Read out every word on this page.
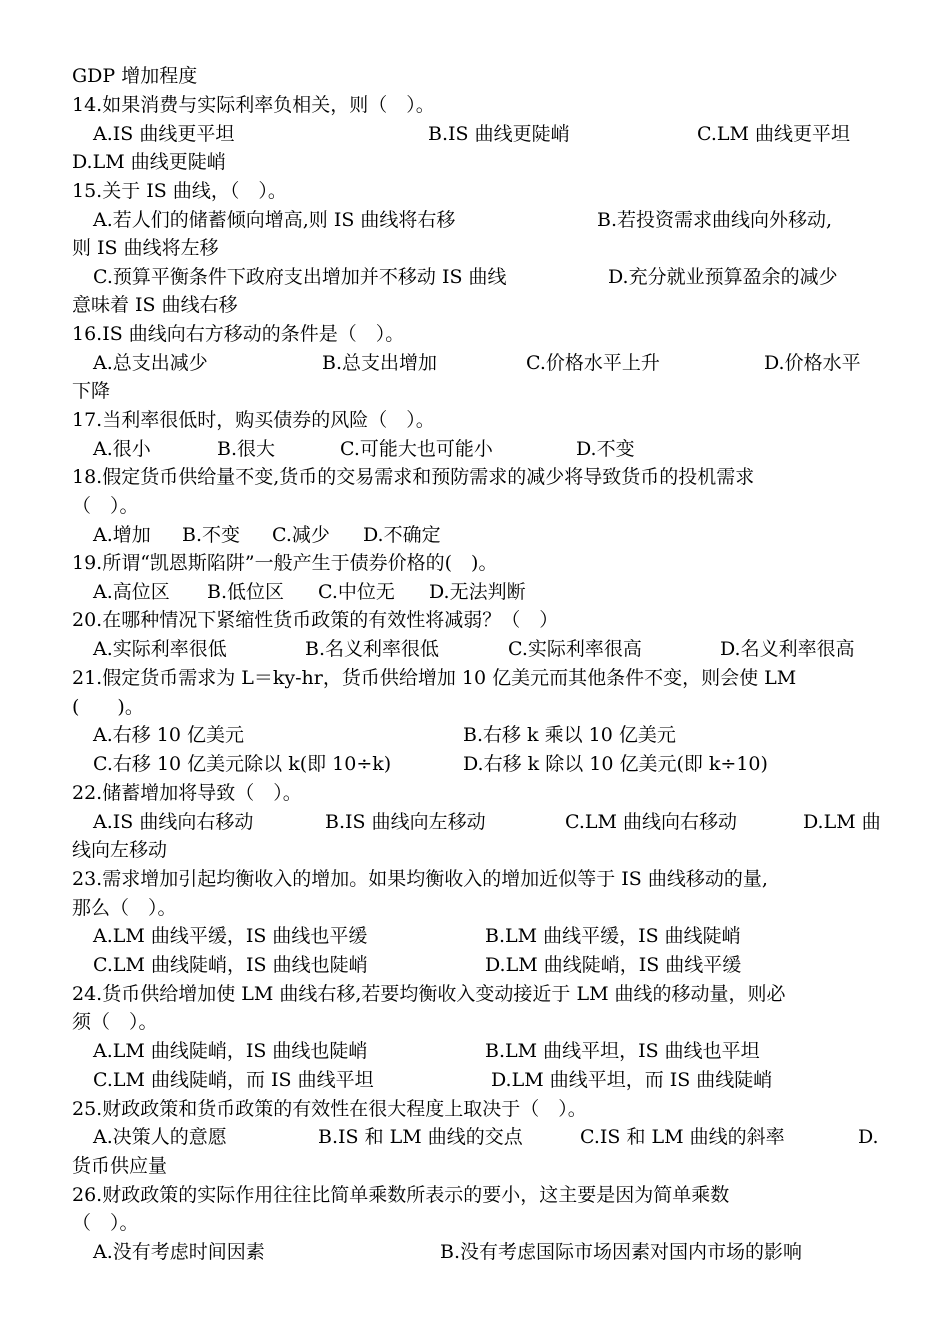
GDP 增加程度
14.如果消费与实际利率负相关，则（　）。
A.IS 曲线更平坦	B.IS 曲线更陡峭	C.LM 曲线更平坦
D.LM 曲线更陡峭
15.关于 IS 曲线，（　）。
A.若人们的储蓄倾向增高,则 IS 曲线将右移	B.若投资需求曲线向外移动,
则 IS 曲线将左移
C.预算平衡条件下政府支出增加并不移动 IS 曲线	D.充分就业预算盈余的减少
意味着 IS 曲线右移
16.IS 曲线向右方移动的条件是（　）。
A.总支出减少	B.总支出增加	C.价格水平上升	D.价格水平
下降
17.当利率很低时，购买债券的风险（　）。
A.很小	B.很大	C.可能大也可能小	D.不变
18.假定货币供给量不变,货币的交易需求和预防需求的减少将导致货币的投机需求
（　）。
A.增加 B.不变 C.减少 D.不确定
19.所谓“凯恩斯陷阱”一般产生于债券价格的(　)。
A.高位区 B.低位区 C.中位无 D.无法判断
20.在哪种情况下紧缩性货币政策的有效性将减弱？（　）
A.实际利率很低	B.名义利率很低	C.实际利率很高	D.名义利率很高
21.假定货币需求为 L＝ky-hr，货币供给增加 10 亿美元而其他条件不变，则会使 LM
(　　)。
A.右移 10 亿美元	B.右移 k 乘以 10 亿美元
C.右移 10 亿美元除以 k(即 10÷k)	D.右移 k 除以 10 亿美元(即 k÷10)
22.储蓄增加将导致（　）。
A.IS 曲线向右移动	B.IS 曲线向左移动	C.LM 曲线向右移动	D.LM 曲
线向左移动
23.需求增加引起均衡收入的增加。如果均衡收入的增加近似等于 IS 曲线移动的量,
那么（　）。
A.LM 曲线平缓，IS 曲线也平缓	B.LM 曲线平缓，IS 曲线陡峭
C.LM 曲线陡峭，IS 曲线也陡峭	D.LM 曲线陡峭，IS 曲线平缓
24.货币供给增加使 LM 曲线右移,若要均衡收入变动接近于 LM 曲线的移动量，则必
须（　）。
A.LM 曲线陡峭，IS 曲线也陡峭	B.LM 曲线平坦，IS 曲线也平坦
C.LM 曲线陡峭，而 IS 曲线平坦	D.LM 曲线平坦，而 IS 曲线陡峭
25.财政政策和货币政策的有效性在很大程度上取决于（　）。
A.决策人的意愿	B.IS 和 LM 曲线的交点	C.IS 和 LM 曲线的斜率	D.
货币供应量
26.财政政策的实际作用往往比简单乘数所表示的要小，这主要是因为简单乘数
（　）。
A.没有考虑时间因素	B.没有考虑国际市场因素对国内市场的影响
